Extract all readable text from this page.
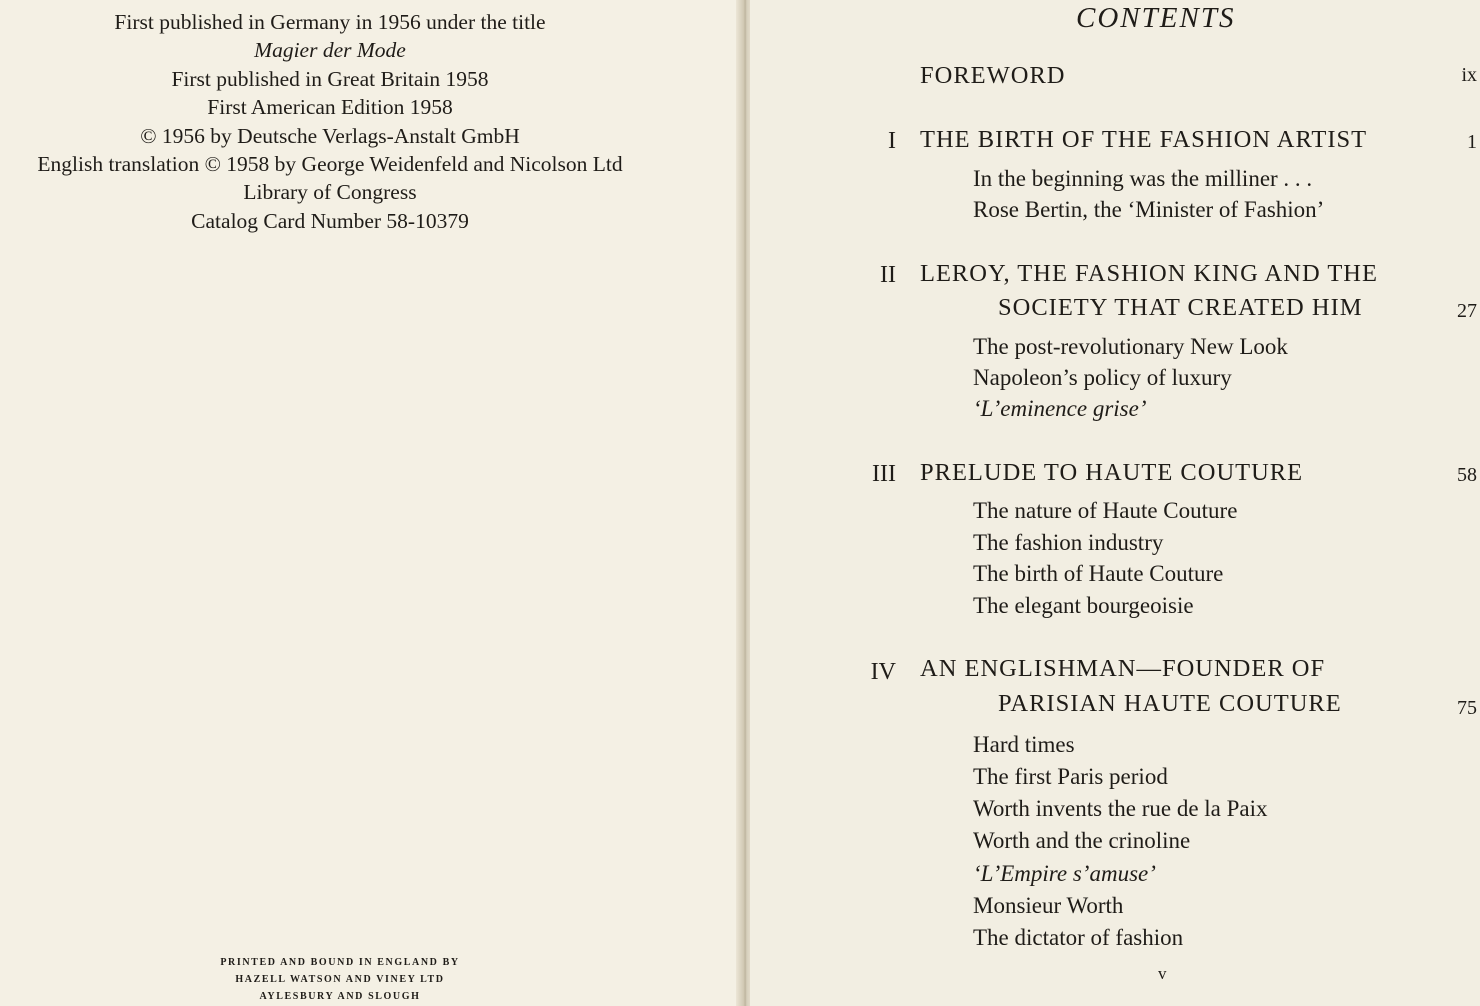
First published in Germany in 1956 under the title
Magier der Mode
First published in Great Britain 1958
First American Edition 1958
© 1956 by Deutsche Verlags-Anstalt GmbH
English translation © 1958 by George Weidenfeld and Nicolson Ltd
Library of Congress
Catalog Card Number 58-10379
PRINTED AND BOUND IN ENGLAND BY
HAZELL WATSON AND VINEY LTD
AYLESBURY AND SLOUGH
CONTENTS
FOREWORD	ix
I THE BIRTH OF THE FASHION ARTIST	1
In the beginning was the milliner . . .
Rose Bertin, the ‘Minister of Fashion’
II LEROY, THE FASHION KING AND THE
SOCIETY THAT CREATED HIM	27
The post-revolutionary New Look
Napoleon’s policy of luxury
‘L’eminence grise’
III PRELUDE TO HAUTE COUTURE	58
The nature of Haute Couture
The fashion industry
The birth of Haute Couture
The elegant bourgeoisie
IV AN ENGLISHMAN—FOUNDER OF
PARISIAN HAUTE COUTURE	75
Hard times
The first Paris period
Worth invents the rue de la Paix
Worth and the crinoline
‘L’Empire s’amuse’
Monsieur Worth
The dictator of fashion
v
